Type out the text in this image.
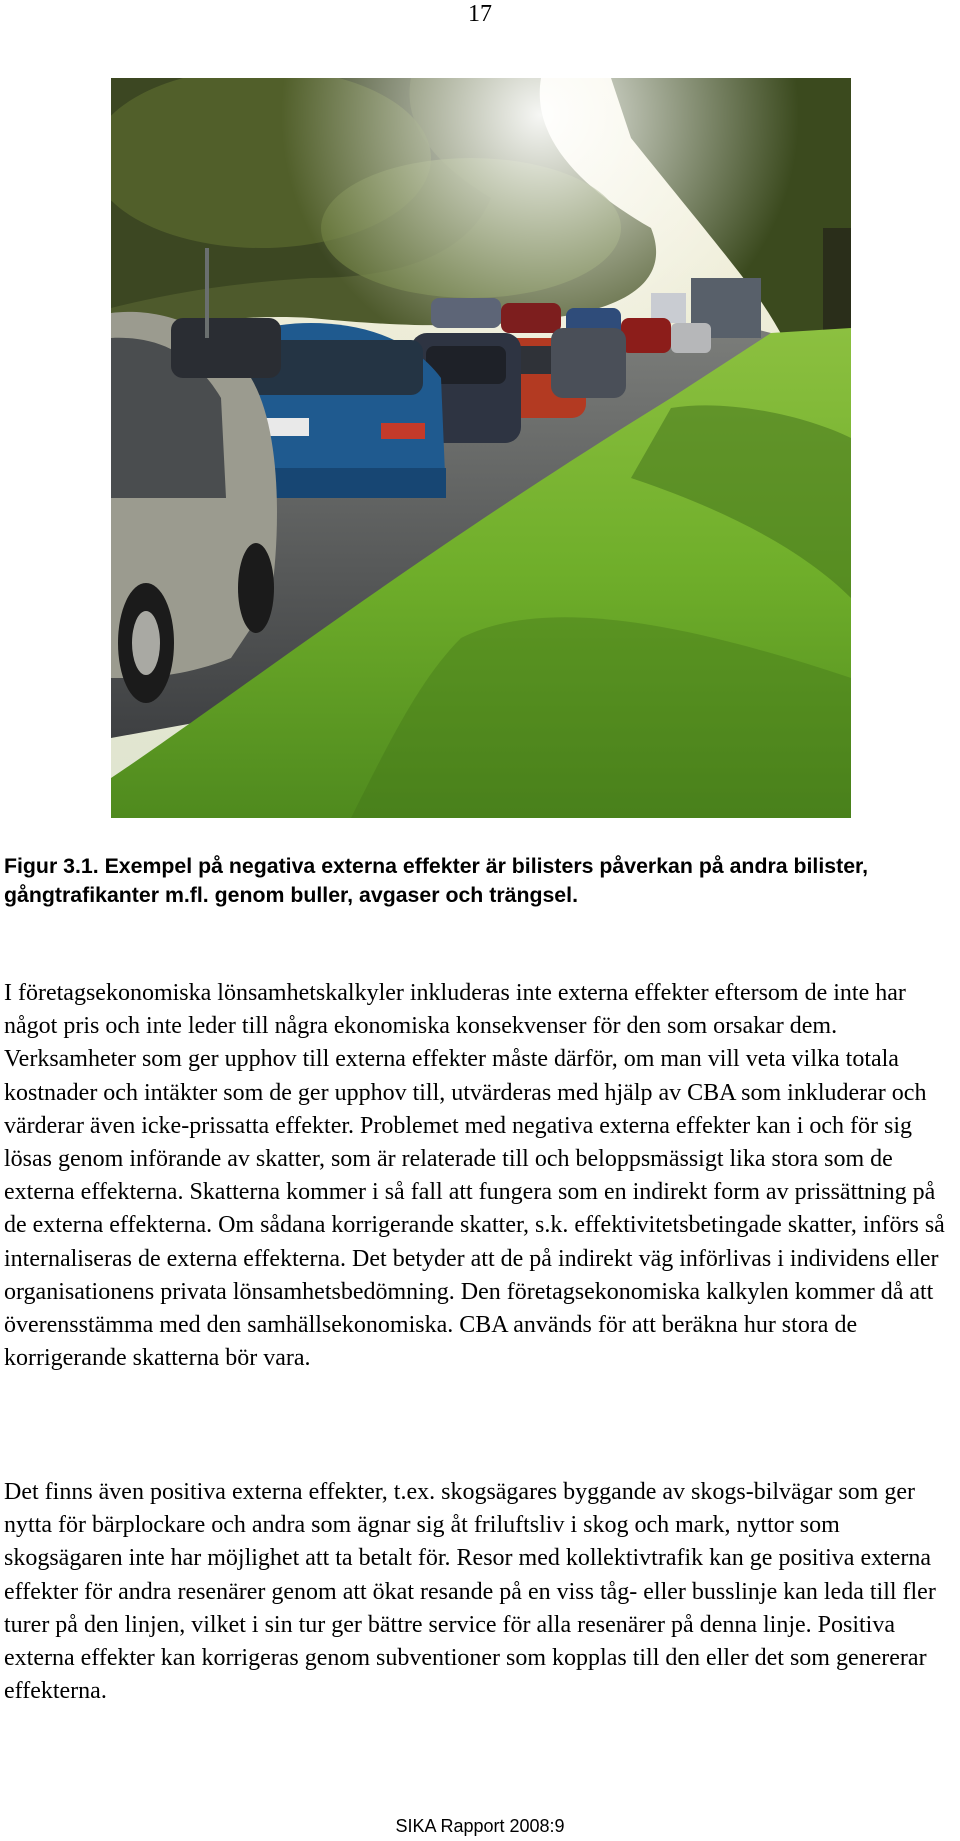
17
Figur 3.1. Exempel på negativa externa effekter är bilisters påverkan på andra bilister, gångtrafikanter m.fl. genom buller, avgaser och trängsel.

I företagsekonomiska lönsamhetskalkyler inkluderas inte externa effekter eftersom de inte har något pris och inte leder till några ekonomiska konsekvenser för den som orsakar dem. Verksamheter som ger upphov till externa effekter måste därför, om man vill veta vilka totala kostnader och intäkter som de ger upphov till, utvärderas med hjälp av CBA som inkluderar och värderar även icke-prissatta effekter. Problemet med negativa externa effekter kan i och för sig lösas genom införande av skatter, som är relaterade till och beloppsmässigt lika stora som de externa effekterna. Skatterna kommer i så fall att fungera som en indirekt form av prissättning på de externa effekterna. Om sådana korrigerande skatter, s.k. effektivitetsbetingade skatter, införs så internaliseras de externa effekterna. Det betyder att de på indirekt väg införlivas i individens eller organisationens privata lönsamhetsbedömning. Den företagsekonomiska kalkylen kommer då att överensstämma med den samhällsekonomiska. CBA används för att beräkna hur stora de korrigerande skatterna bör vara.

Det finns även positiva externa effekter, t.ex. skogsägares byggande av skogs-bilvägar som ger nytta för bärplockare och andra som ägnar sig åt friluftsliv i skog och mark, nyttor som skogsägaren inte har möjlighet att ta betalt för. Resor med kollektivtrafik kan ge positiva externa effekter för andra resenärer genom att ökat resande på en viss tåg- eller busslinje kan leda till fler turer på den linjen, vilket i sin tur ger bättre service för alla resenärer på denna linje. Positiva externa effekter kan korrigeras genom subventioner som kopplas till den eller det som genererar effekterna.

SIKA Rapport 2008:9
